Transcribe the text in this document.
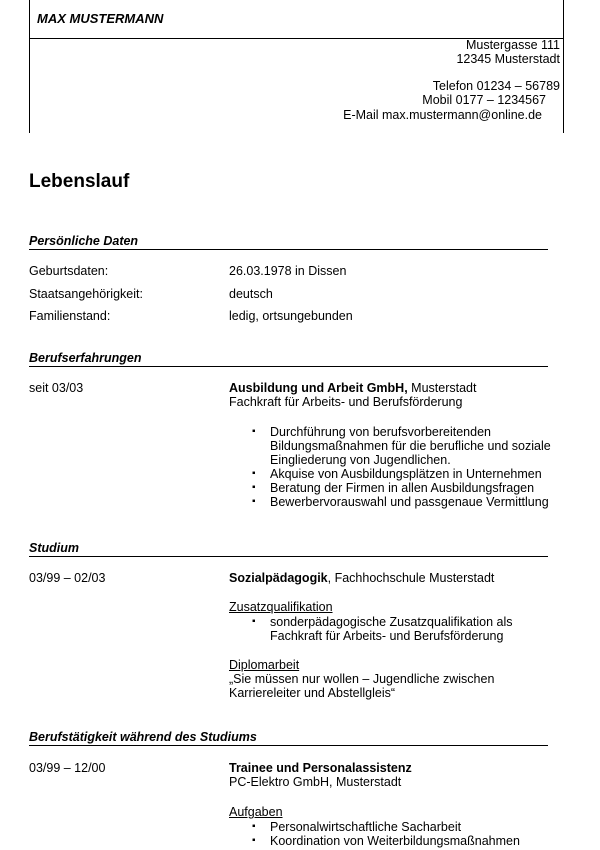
MAX MUSTERMANN
Mustergasse 111
12345 Musterstadt
Telefon 01234 – 56789
Mobil 0177 – 1234567
E-Mail max.mustermann@online.de
Lebenslauf
Persönliche Daten
Geburtsdaten:	26.03.1978 in Dissen
Staatsangehörigkeit:	deutsch
Familienstand:	ledig, ortsungebunden
Berufserfahrungen
seit 03/03	Ausbildung und Arbeit GmbH, Musterstadt
Fachkraft für Arbeits- und Berufsförderung
▪ Durchführung von berufsvorbereitenden Bildungsmaßnahmen für die berufliche und soziale Eingliederung von Jugendlichen.
▪ Akquise von Ausbildungsplätzen in Unternehmen
▪ Beratung der Firmen in allen Ausbildungsfragen
▪ Bewerbervorauswahl und passgenaue Vermittlung
Studium
03/99 – 02/03	Sozialpädagogik, Fachhochschule Musterstadt
Zusatzqualifikation
▪ sonderpädagogische Zusatzqualifikation als Fachkraft für Arbeits- und Berufsförderung
Diplomarbeit
„Sie müssen nur wollen – Jugendliche zwischen Karriereleiter und Abstellgleis“
Berufstätigkeit während des Studiums
03/99 – 12/00	Trainee und Personalassistenz
PC-Elektro GmbH, Musterstadt
Aufgaben
▪ Personalwirtschaftliche Sacharbeit
▪ Koordination von Weiterbildungsmaßnahmen
